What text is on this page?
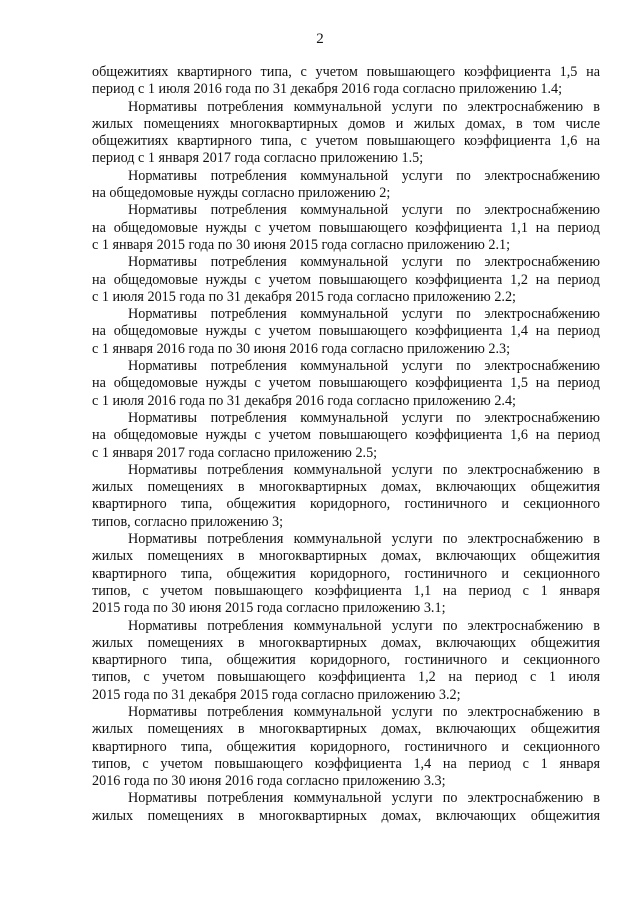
2

общежитиях квартирного типа, с учетом повышающего коэффициента 1,5 на
период с 1 июля 2016 года по 31 декабря 2016 года согласно приложению 1.4;

Нормативы потребления коммунальной услуги по электроснабжению в
жилых помещениях многоквартирных домов и жилых домах, в том числе
общежитиях квартирного типа, с учетом повышающего коэффициента 1,6 на
период с 1 января 2017 года согласно приложению 1.5;

Нормативы потребления коммунальной услуги по электроснабжению
на общедомовые нужды согласно приложению 2;

Нормативы потребления коммунальной услуги по электроснабжению
на общедомовые нужды с учетом повышающего коэффициента 1,1 на период
с 1 января 2015 года по 30 июня 2015 года согласно приложению 2.1;

Нормативы потребления коммунальной услуги по электроснабжению
на общедомовые нужды с учетом повышающего коэффициента 1,2 на период
с 1 июля 2015 года по 31 декабря 2015 года согласно приложению 2.2;

Нормативы потребления коммунальной услуги по электроснабжению
на общедомовые нужды с учетом повышающего коэффициента 1,4 на период
с 1 января 2016 года по 30 июня 2016 года согласно приложению 2.3;

Нормативы потребления коммунальной услуги по электроснабжению
на общедомовые нужды с учетом повышающего коэффициента 1,5 на период
с 1 июля 2016 года по 31 декабря 2016 года согласно приложению 2.4;

Нормативы потребления коммунальной услуги по электроснабжению
на общедомовые нужды с учетом повышающего коэффициента 1,6 на период
с 1 января 2017 года согласно приложению 2.5;

Нормативы потребления коммунальной услуги по электроснабжению в
жилых помещениях в многоквартирных домах, включающих общежития
квартирного типа, общежития коридорного, гостиничного и секционного
типов, согласно приложению 3;

Нормативы потребления коммунальной услуги по электроснабжению в
жилых помещениях в многоквартирных домах, включающих общежития
квартирного типа, общежития коридорного, гостиничного и секционного
типов, с учетом повышающего коэффициента 1,1 на период с 1 января
2015 года по 30 июня 2015 года согласно приложению 3.1;

Нормативы потребления коммунальной услуги по электроснабжению в
жилых помещениях в многоквартирных домах, включающих общежития
квартирного типа, общежития коридорного, гостиничного и секционного
типов, с учетом повышающего коэффициента 1,2 на период с 1 июля
2015 года по 31 декабря 2015 года согласно приложению 3.2;

Нормативы потребления коммунальной услуги по электроснабжению в
жилых помещениях в многоквартирных домах, включающих общежития
квартирного типа, общежития коридорного, гостиничного и секционного
типов, с учетом повышающего коэффициента 1,4 на период с 1 января
2016 года по 30 июня 2016 года согласно приложению 3.3;

Нормативы потребления коммунальной услуги по электроснабжению в
жилых помещениях в многоквартирных домах, включающих общежития
